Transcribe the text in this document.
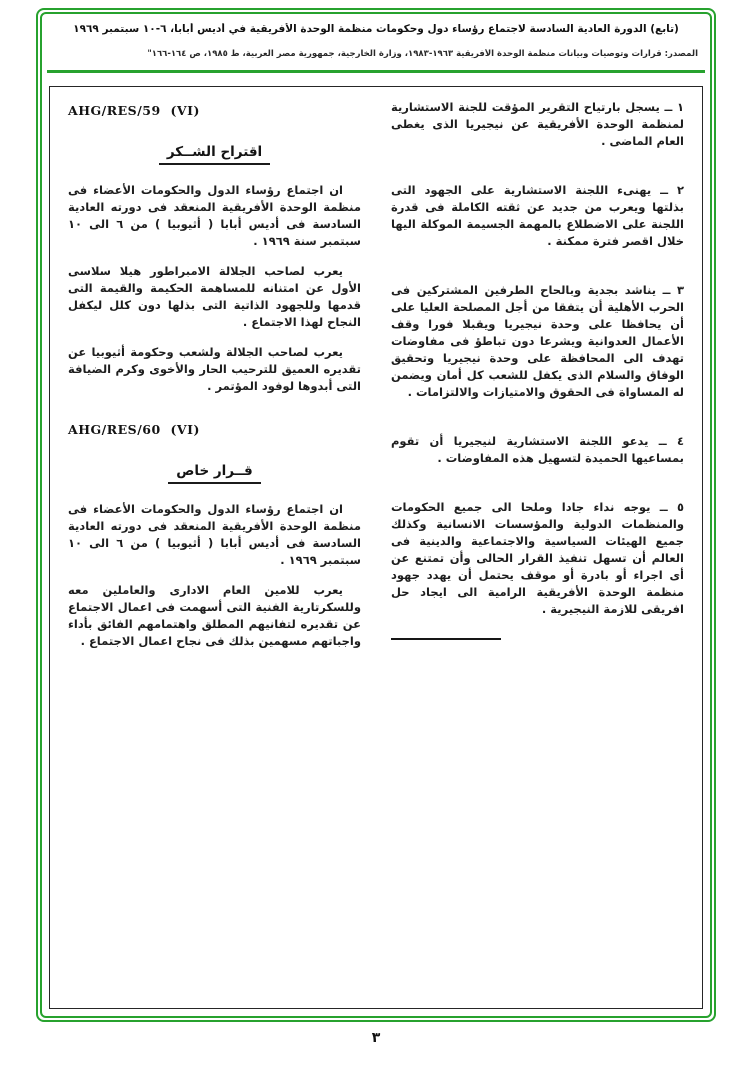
(تابع) الدورة العادية السادسة لاجتماع رؤساء دول وحكومات منظمة الوحدة الأفريقية في أديس أبابا، ٦-١٠ سبتمبر ١٩٦٩
المصدر: قرارات وتوصيات وبيانات منظمة الوحدة الأفريقية ١٩٦٣-١٩٨٣، وزارة الخارجية، جمهورية مصر العربية، ط ١٩٨٥، ص ١٦٤-١٦٦"

١ ــ يسجل بارتياح التقرير المؤقت للجنة الاستشارية لمنظمة الوحدة الأفريقية عن نيجيريا الذى يغطى العام الماضى .

٢ ــ يهنىء اللجنة الاستشارية على الجهود التى بذلتها ويعرب من جديد عن ثقته الكاملة فى قدرة اللجنة على الاضطلاع بالمهمة الجسيمة الموكلة اليها خلال اقصر فترة ممكنة .

٣ ــ يناشد بجدية وبالحاح الطرفين المشتركين فى الحرب الأهلية أن يتفقا من أجل المصلحة العليا على أن يحافظا على وحدة نيجيريا ويقبلا فورا وقف الأعمال العدوانية ويشرعا دون تباطؤ فى مفاوضات تهدف الى المحافظة على وحدة نيجيريا وتحقيق الوفاق والسلام الذى يكفل للشعب كل أمان ويضمن له المساواة فى الحقوق والامتيازات والالتزامات .

٤ ــ يدعو اللجنة الاستشارية لنيجيريا أن تقوم بمساعيها الحميدة لتسهيل هذه المفاوضات .

٥ ــ يوجه نداء جادا وملحا الى جميع الحكومات والمنظمات الدولية والمؤسسات الانسانية وكذلك جميع الهيئات السياسية والاجتماعية والدينية فى العالم أن تسهل تنفيذ القرار الحالى وأن تمتنع عن أى اجراء أو بادرة أو موقف يحتمل أن يهدد جهود منظمة الوحدة الأفريقية الرامية الى ايجاد حل افريقى للازمة النيجيرية .

AHG/RES/59 (VI)
اقتراح الشــكر

ان اجتماع رؤساء الدول والحكومات الأعضاء فى منظمة الوحدة الأفريقية المنعقد فى دورته العادية السادسة فى أديس أبابا ( أثيوبيا ) من ٦ الى ١٠ سبتمبر سنة ١٩٦٩ .

يعرب لصاحب الجلالة الامبراطور هيلا سلاسى الأول عن امتنانه للمساهمة الحكيمة والقيمة التى قدمها وللجهود الذاتية التى بذلها دون كلل ليكفل النجاح لهذا الاجتماع .

يعرب لصاحب الجلالة ولشعب وحكومة أثيوبيا عن تقديره العميق للترحيب الحار والأخوى وكرم الضيافة التى أبدوها لوفود المؤتمر .

AHG/RES/60 (VI)
قــرار خاص

ان اجتماع رؤساء الدول والحكومات الأعضاء فى منظمة الوحدة الأفريقية المنعقد فى دورته العادية السادسة فى أديس أبابا ( أثيوبيا ) من ٦ الى ١٠ سبتمبر ١٩٦٩ .

يعرب للامين العام الادارى والعاملين معه وللسكرتارية الفنية التى أسهمت فى اعمال الاجتماع عن تقديره لتفانيهم المطلق واهتمامهم الفائق بأداء واجباتهم مسهمين بذلك فى نجاح اعمال الاجتماع .

٣
